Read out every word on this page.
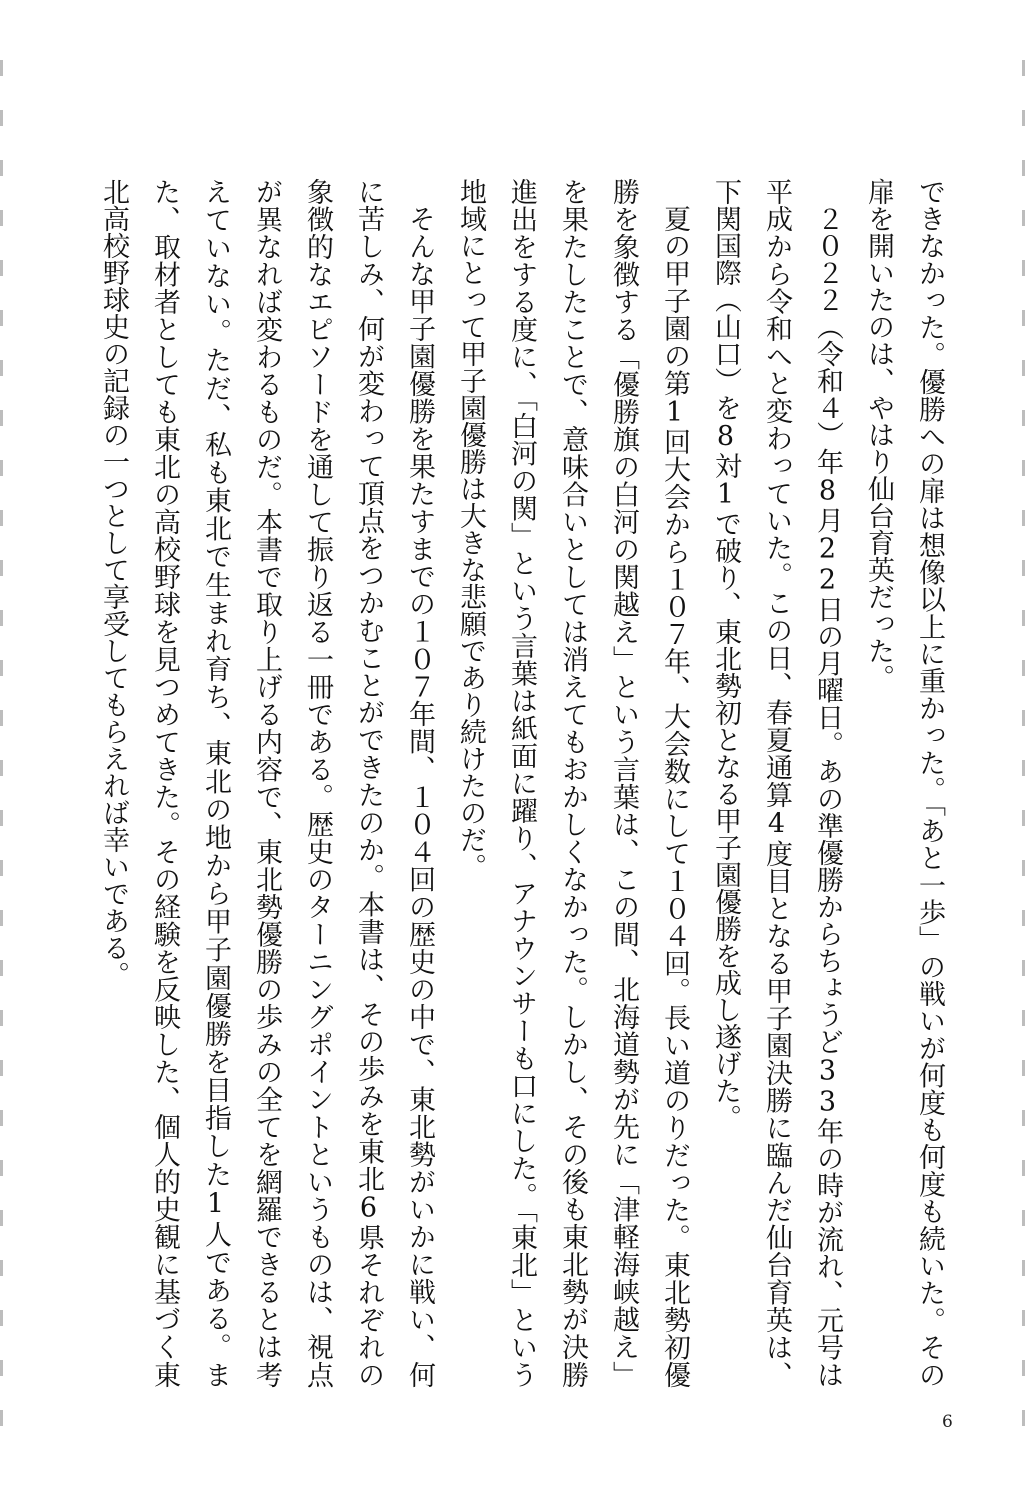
できなかった。優勝への扉は想像以上に重かった。「あと一歩」の戦いが何度も何度も続いた。その扉を開いたのは、やはり仙台育英だった。

２０２２（令和４）年8月22日の月曜日。あの準優勝からちょうど33年の時が流れ、元号は平成から令和へと変わっていた。この日、春夏通算4度目となる甲子園決勝に臨んだ仙台育英は、下関国際（山口）を8対1で破り、東北勢初となる甲子園優勝を成し遂げた。

夏の甲子園の第1回大会から１０７年、大会数にして１０４回。長い道のりだった。東北勢初優勝を象徴する「優勝旗の白河の関越え」という言葉は、この間、北海道勢が先に「津軽海峡越え」を果たしたことで、意味合いとしては消えてもおかしくなかった。しかし、その後も東北勢が決勝進出をする度に、「白河の関」という言葉は紙面に躍り、アナウンサーも口にした。「東北」という地域にとって甲子園優勝は大きな悲願であり続けたのだ。

そんな甲子園優勝を果たすまでの１０７年間、１０４回の歴史の中で、東北勢がいかに戦い、何に苦しみ、何が変わって頂点をつかむことができたのか。本書は、その歩みを東北6県それぞれの象徴的なエピソードを通して振り返る一冊である。歴史のターニングポイントというものは、視点が異なれば変わるものだ。本書で取り上げる内容で、東北勢優勝の歩みの全てを網羅できるとは考えていない。ただ、私も東北で生まれ育ち、東北の地から甲子園優勝を目指した1人である。また、取材者としても東北の高校野球を見つめてきた。その経験を反映した、個人的史観に基づく東北高校野球史の記録の一つとして享受してもらえれば幸いである。

6
